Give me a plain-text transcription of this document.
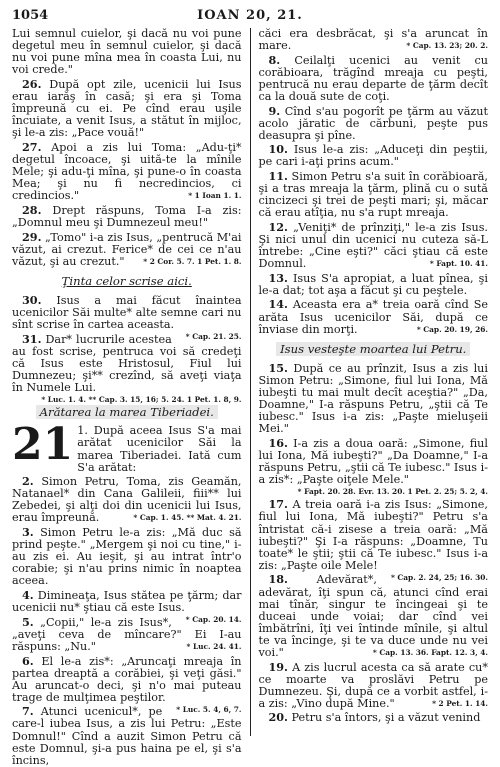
1054	IOAN 20, 21.

Lui semnul cuielor, şi dacă nu voi pune degetul meu în semnul cuielor, şi dacă nu voi pune mîna mea în coasta Lui, nu voi crede."

26. După opt zile, ucenicii lui Isus erau iarăş în casă; şi era şi Toma împreună cu ei. Pe cînd erau uşile încuiate, a venit Isus, a stătut în mijloc, şi le-a zis: „Pace vouă!"

27. Apoi a zis lui Toma: „Adu-ţi* degetul încoace, şi uită-te la mînile Mele; şi adu-ţi mîna, şi pune-o în coasta Mea; şi nu fi necredincios, ci credincios."	* 1 Ioan 1. 1.

28. Drept răspuns, Toma I-a zis: „Domnul meu şi Dumnezeul meu!"

29. „Tomo" i-a zis Isus, „pentrucă M'ai văzut, ai crezut. Ferice* de cei ce n'au văzut, şi au crezut."	* 2 Cor. 5. 7. 1 Pet. 1. 8.

Ţinta celor scrise aici.

30. Isus a mai făcut înaintea ucenicilor Săi multe* alte semne cari nu sînt scrise în cartea aceasta.
* Cap. 21. 25.

31. Dar* lucrurile acestea au fost scrise, pentruca voi să credeţi că Isus este Hristosul, Fiul lui Dumnezeu; şi** crezînd, să aveţi viaţa în Numele Lui.
* Luc. 1. 4. ** Cap. 3. 15, 16; 5. 24. 1 Pet. 1. 8, 9.

Arătarea la marea Tiberiadei.
21 1. După aceea Isus S'a mai arătat ucenicilor Săi la marea Tiberiadei. Iată cum S'a arătat:

2. Simon Petru, Toma, zis Geamăn, Natanael* din Cana Galileii, fiii** lui Zebedei, şi alţi doi din ucenicii lui Isus, erau împreună.	* Cap. 1. 45. ** Mat. 4. 21.

3. Simon Petru le-a zis: „Mă duc să prind peşte." „Mergem şi noi cu tine," i-au zis ei. Au ieşit, şi au intrat într'o corabie; şi n'au prins nimic în noaptea aceea.

4. Dimineaţa, Isus stătea pe ţărm; dar ucenicii nu* ştiau că este Isus.
* Cap. 20. 14.

5. „Copii," le-a zis Isus*, „aveţi ceva de mîncare?" Ei I-au răspuns: „Nu."	* Luc. 24. 41.

6. El le-a zis*: „Aruncaţi mreaja în partea dreaptă a corăbiei, şi veţi găsi." Au aruncat-o deci, şi n'o mai puteau trage de mulţimea peştilor.
* Luc. 5. 4, 6, 7.

7. Atunci ucenicul*, pe care-l iubea Isus, a zis lui Petru: „Este Domnul!" Cînd a auzit Simon Petru că este Domnul, şi-a pus haina pe el, şi s'a încins,

căci era desbrăcat, şi s'a aruncat în mare.	* Cap. 13. 23; 20. 2.

8. Ceilalţi ucenici au venit cu corăbioara, trăgînd mreaja cu peşti, pentrucă nu erau departe de ţărm decît ca la două sute de coţi.

9. Cînd s'au pogorît pe ţărm au văzut acolo jăratic de cărbuni, peşte pus deasupra şi pîne.

10. Isus le-a zis: „Aduceţi din peştii, pe cari i-aţi prins acum."

11. Simon Petru s'a suit în corăbioară, şi a tras mreaja la ţărm, plină cu o sută cincizeci şi trei de peşti mari; şi, măcar că erau atîţia, nu s'a rupt mreaja.

12. „Veniţi* de prînziţi," le-a zis Isus. Şi nici unul din ucenici nu cuteza să-L întrebe: „Cine eşti?" căci ştiau că este Domnul.	* Fapt. 10. 41.

13. Isus S'a apropiat, a luat pînea, şi le-a dat; tot aşa a făcut şi cu peştele.

14. Aceasta era a* treia oară cînd Se arăta Isus ucenicilor Săi, după ce înviase din morţi.	* Cap. 20. 19, 26.

Isus vesteşte moartea lui Petru.

15. După ce au prînzit, Isus a zis lui Simon Petru: „Simone, fiul lui Iona, Mă iubeşti tu mai mult decît aceştia?" „Da, Doamne," I-a răspuns Petru, „ştii că Te iubesc." Isus i-a zis: „Paşte mieluşeii Mei."

16. I-a zis a doua oară: „Simone, fiul lui Iona, Mă iubeşti?" „Da Doamne," I-a răspuns Petru, „ştii că Te iubesc." Isus i-a zis*: „Paşte oiţele Mele."
* Fapt. 20. 28. Evr. 13. 20. 1 Pet. 2. 25; 5. 2, 4.

17. A treia oară i-a zis Isus: „Simone, fiul lui Iona, Mă iubeşti?" Petru s'a întristat că-i zisese a treia oară: „Mă iubeşti?" Şi I-a răspuns: „Doamne, Tu toate* le ştii; ştii că Te iubesc." Isus i-a zis: „Paşte oile Mele!
* Cap. 2. 24, 25; 16. 30.

18.	Adevărat*, adevărat, îţi spun că, atunci cînd erai mai tînăr, singur te încingeai şi te duceai unde voiai; dar cînd vei îmbătrîni, îţi vei întinde mînile, şi altul te va încinge, şi te va duce unde nu vei voi."	* Cap. 13. 36. Fapt. 12. 3, 4.

19. A zis lucrul acesta ca să arate cu* ce moarte va proslăvi Petru pe Dumnezeu. Şi, după ce a vorbit astfel, i-a zis: „Vino după Mine."	* 2 Pet. 1. 14.

20. Petru s'a întors, şi a văzut venind
